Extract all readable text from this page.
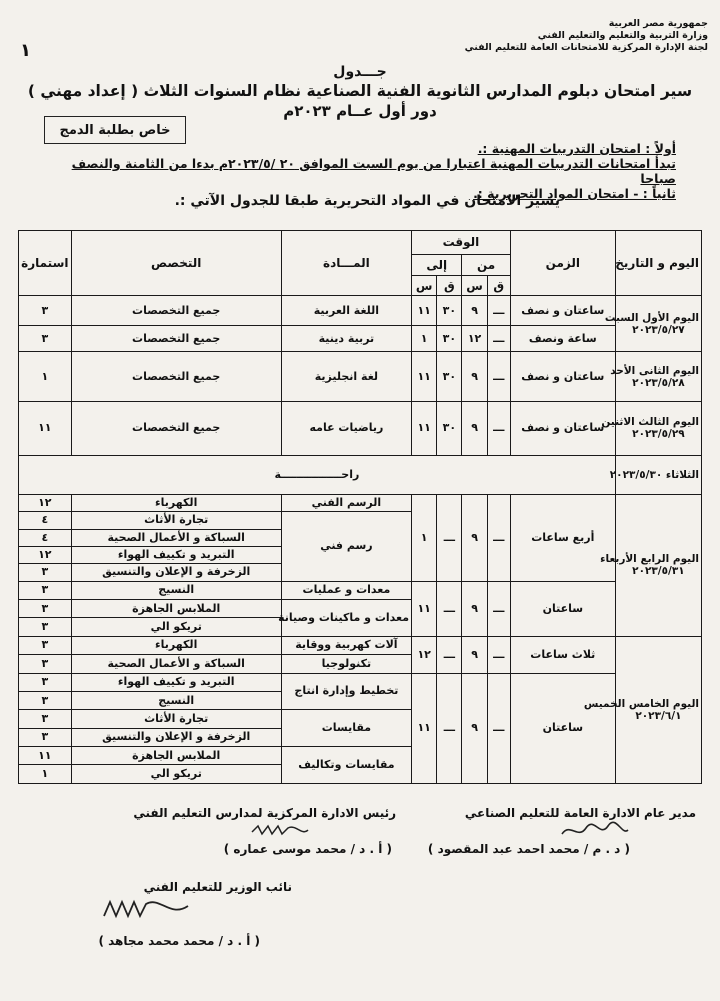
١
جمهورية مصر العربية
وزارة التربية والتعليم والتعليم الفني
لجنة الإدارة المركزية للامتحانات العامة للتعليم الفني
جـــدول
سير امتحان دبلوم المدارس الثانوية الفنية الصناعية نظام السنوات الثلاث ( إعداد مهني )
دور أول عــام ٢٠٢٣م
خاص بطلبة الدمج
أولاً : امتحان التدريبات المهنية :.
تبدأ امتحانات التدريبات المهنية اعتبارا من يوم السبت الموافق ٢٠ /٢٠٢٣/٥م بدءا من الثامنة والنصف صباحا
ثانياً : - امتحان المواد التحريرية :.
يسير الامتحان في المواد التحريرية طبقا للجدول الآتي :.
اليوم و التاريخ	الزمن	الوقت				المـــادة	التخصص	استمارة
		من		إلى				
		ق	س	ق	س			

اليوم الأول السبت
٢٠٢٣/٥/٢٧	ساعتان و نصف	ـــ	٩	٣٠	١١	اللغة العربية	جميع التخصصات	٣
	ساعة ونصف	ـــ	١٢	٣٠	١	تربية دينية	جميع التخصصات	٣

اليوم الثانى الأحد
٢٠٢٣/٥/٢٨	ساعتان و نصف	ـــ	٩	٣٠	١١	لغة انجليزية	جميع التخصصات	١

اليوم الثالث الاثنين
٢٠٢٣/٥/٢٩	ساعتان و نصف	ـــ	٩	٣٠	١١	رياضيات عامه	جميع التخصصات	١١
الثلاثاء ٢٠٢٣/٥/٣٠	راحــــــــــــــــة							

اليوم الرابع الأربعاء
٢٠٢٣/٥/٣١	أربع ساعات	ـــ	٩	ـــ	١	الرسم الفني	الكهرباء	١٢
						رسم فني	تجارة الأثاث	٤
							السباكة و الأعمال الصحية	٤
							التبريد و تكييف الهواء	١٢
							الزخرفة و الإعلان والتنسيق	٣
	ساعتان	ـــ	٩	ـــ	١١	معدات و عمليات	النسيج	٣
						معدات و ماكينات وصيانة	الملابس الجاهزة	٣
							تريكو الي	٣

اليوم الخامس الخميس
٢٠٢٣/٦/١	ثلاث ساعات	ـــ	٩	ـــ	١٢	آلات كهربية ووقاية	الكهرباء	٣
						تكنولوجيا	السباكة و الأعمال الصحية	٣
	ساعتان	ـــ	٩	ـــ	١١	تخطيط وإدارة انتاج	التبريد و تكييف الهواء	٣
							النسيج	٣
						مقايسات	تجارة الأثاث	٣
							الزخرفة و الإعلان والتنسيق	٣
						مقايسات وتكاليف	الملابس الجاهزة	١١
							تريكو الي	١
مدير عام الادارة العامة للتعليم الصناعي
( د . م / محمد احمد عبد المقصود )
رئيس الادارة المركزية لمدارس التعليم الفني
( أ . د / محمد موسى عماره )
نائب الوزير للتعليم الفني
( أ . د / محمد محمد مجاهد )
